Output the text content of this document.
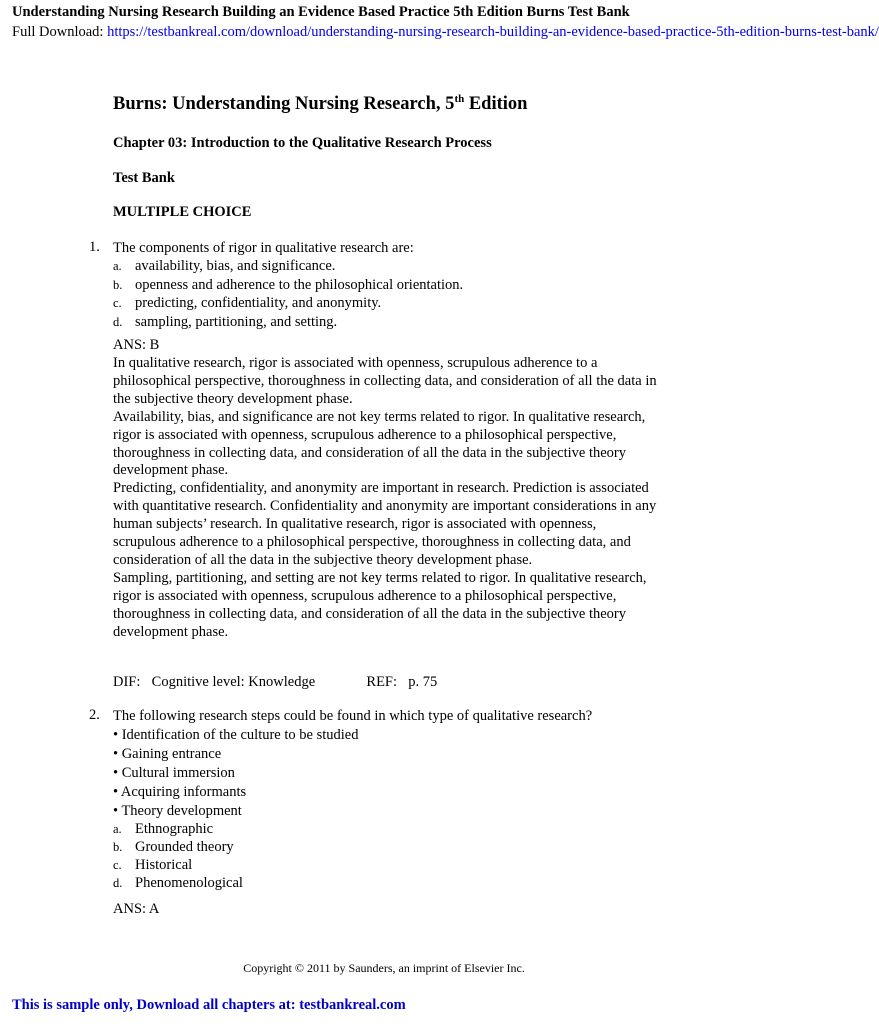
Understanding Nursing Research Building an Evidence Based Practice 5th Edition Burns Test Bank
Full Download: https://testbankreal.com/download/understanding-nursing-research-building-an-evidence-based-practice-5th-edition-burns-test-bank/
Burns: Understanding Nursing Research, 5th Edition
Chapter 03: Introduction to the Qualitative Research Process
Test Bank
MULTIPLE CHOICE
1. The components of rigor in qualitative research are:
a. availability, bias, and significance.
b. openness and adherence to the philosophical orientation.
c. predicting, confidentiality, and anonymity.
d. sampling, partitioning, and setting.
ANS: B
In qualitative research, rigor is associated with openness, scrupulous adherence to a philosophical perspective, thoroughness in collecting data, and consideration of all the data in the subjective theory development phase.
Availability, bias, and significance are not key terms related to rigor. In qualitative research, rigor is associated with openness, scrupulous adherence to a philosophical perspective, thoroughness in collecting data, and consideration of all the data in the subjective theory development phase.
Predicting, confidentiality, and anonymity are important in research. Prediction is associated with quantitative research. Confidentiality and anonymity are important considerations in any human subjects’ research. In qualitative research, rigor is associated with openness, scrupulous adherence to a philosophical perspective, thoroughness in collecting data, and consideration of all the data in the subjective theory development phase.
Sampling, partitioning, and setting are not key terms related to rigor. In qualitative research, rigor is associated with openness, scrupulous adherence to a philosophical perspective, thoroughness in collecting data, and consideration of all the data in the subjective theory development phase.
DIF: Cognitive level: Knowledge	REF: p. 75
2. The following research steps could be found in which type of qualitative research?
• Identification of the culture to be studied
• Gaining entrance
• Cultural immersion
• Acquiring informants
• Theory development
a. Ethnographic
b. Grounded theory
c. Historical
d. Phenomenological
ANS: A
Copyright © 2011 by Saunders, an imprint of Elsevier Inc.
This is sample only, Download all chapters at: testbankreal.com
